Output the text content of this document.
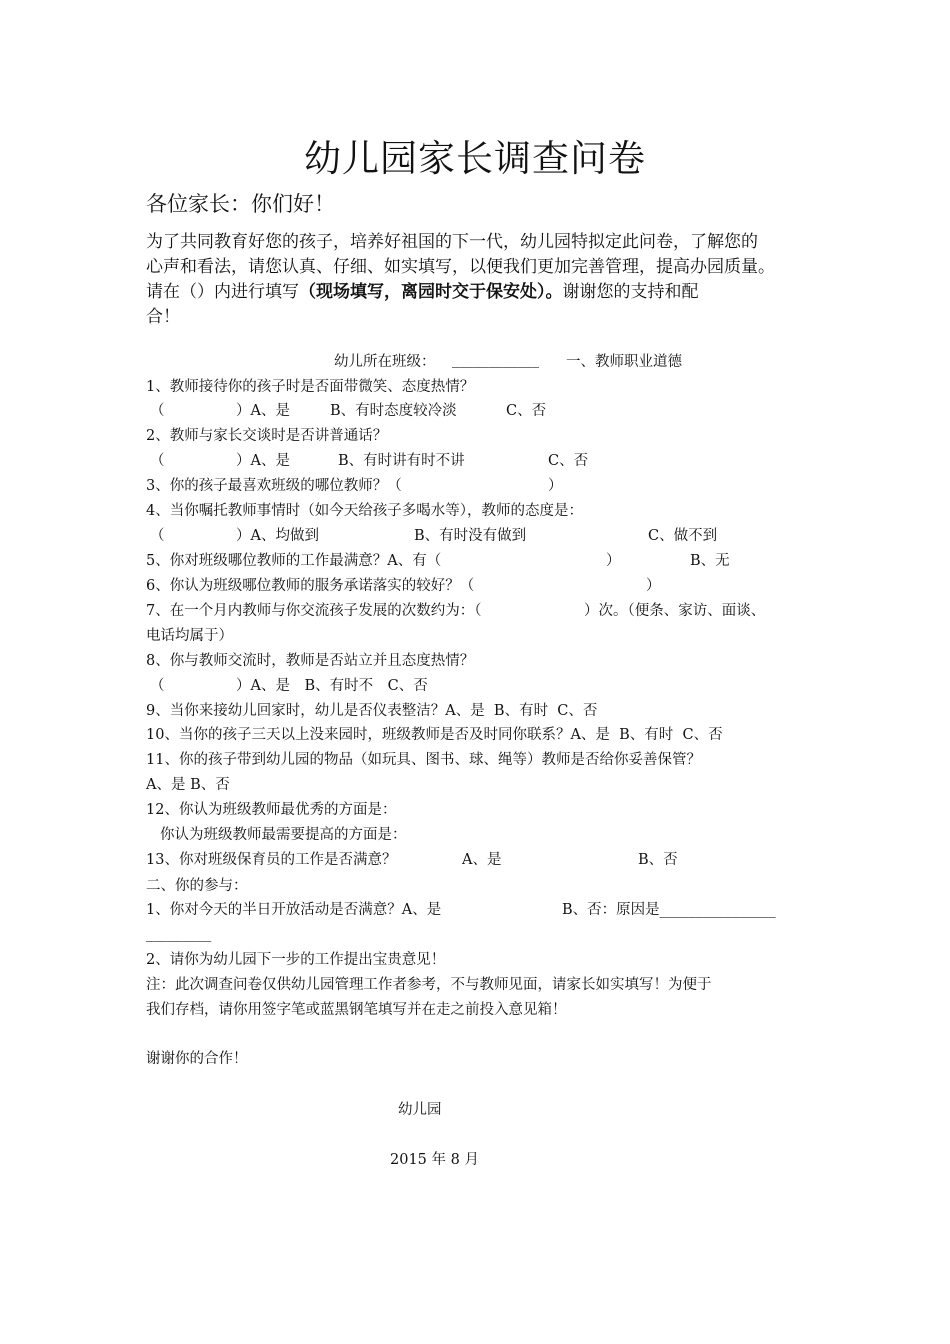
幼儿园家长调查问卷
各位家长：你们好！
为了共同教育好您的孩子，培养好祖国的下一代，幼儿园特拟定此问卷，了解您的
心声和看法，请您认真、仔细、如实填写，以便我们更加完善管理，提高办园质量。
请在（）内进行填写（现场填写，离园时交于保安处）。谢谢您的支持和配
合！
幼儿所在班级： ____________ 一、教师职业道德
1、教师接待你的孩子时是否面带微笑、态度热情？
（	）A、是	B、有时态度较冷淡	C、否
2、教师与家长交谈时是否讲普通话？
（	）A、是	B、有时讲有时不讲	C、否
3、你的孩子最喜欢班级的哪位教师？（	）
4、当你嘱托教师事情时（如今天给孩子多喝水等），教师的态度是：
（	）A、均做到	B、有时没有做到	C、做不到
5、你对班级哪位教师的工作最满意？A、有（	）	B、无
6、你认为班级哪位教师的服务承诺落实的较好？（	）
7、在一个月内教师与你交流孩子发展的次数约为：（	）次。（便条、家访、面谈、
电话均属于）
8、你与教师交流时，教师是否站立并且态度热情？
（	）A、是　B、有时不　C、否
9、当你来接幼儿回家时，幼儿是否仪表整洁？A、是  B、有时  C、否
10、当你的孩子三天以上没来园时，班级教师是否及时同你联系？A、是  B、有时  C、否
11、你的孩子带到幼儿园的物品（如玩具、图书、球、绳等）教师是否给你妥善保管？
A、是 B、否
12、你认为班级教师最优秀的方面是：
你认为班级教师最需要提高的方面是：
13、你对班级保育员的工作是否满意？	A、是	B、否
二、你的参与：
1、你对今天的半日开放活动是否满意？A、是	B、否：原因是________________
_________
2、请你为幼儿园下一步的工作提出宝贵意见！
注：此次调查问卷仅供幼儿园管理工作者参考，不与教师见面，请家长如实填写！为便于
我们存档，请你用签字笔或蓝黑钢笔填写并在走之前投入意见箱！
谢谢你的合作！
幼儿园
2015 年 8 月
